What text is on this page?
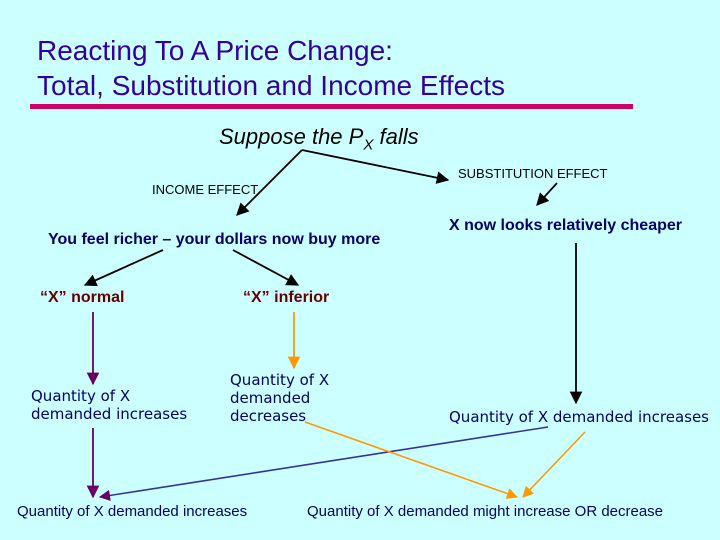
Reacting To A Price Change:
Total, Substitution and Income Effects
Suppose the $P_X$ falls
INCOME EFFECT
SUBSTITUTION EFFECT
You feel richer – your dollars now buy more
X now looks relatively cheaper
“X” normal	“X” inferior
Quantity of X demanded increases
Quantity of X
demanded
decreases	Quantity of X demanded increases
Quantity of X demanded increases	Quantity of X demanded might increase OR decrease
